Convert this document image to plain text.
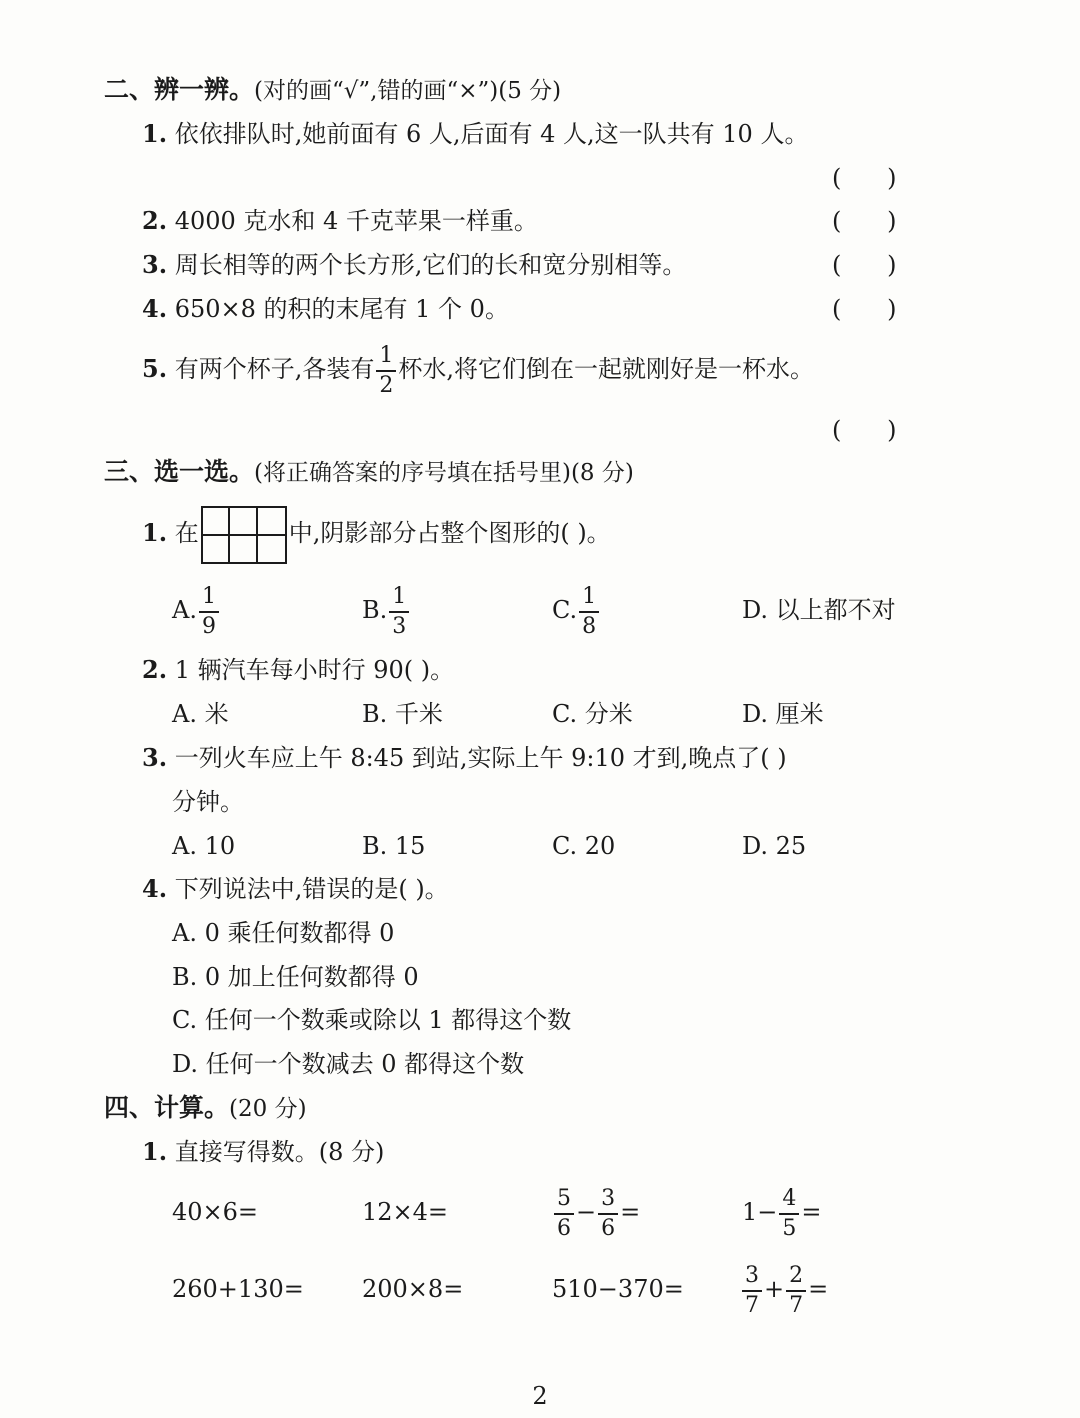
二、辨一辨。(对的画“√”,错的画“×”)(5 分)
1. 依依排队时,她前面有 6 人,后面有 4 人,这一队共有 10 人。
(      )
2. 4000 克水和 4 千克苹果一样重。	(      )
3. 周长相等的两个长方形,它们的长和宽分别相等。	(      )
4. 650×8 的积的末尾有 1 个 0。	(      )
5. 有两个杯子,各装有 $\frac{1}{2}$ 杯水,将它们倒在一起就刚好是一杯水。
(      )
三、选一选。(将正确答案的序号填在括号里)(8 分)
1. 在	中,阴影部分占整个图形的( )。
A. $\frac{1}{9}$	B. $\frac{1}{3}$	C. $\frac{1}{8}$	D. 以上都不对
2. 1 辆汽车每小时行 90( )。
A. 米	B. 千米	C. 分米	D. 厘米
3. 一列火车应上午 8:45 到站,实际上午 9:10 才到,晚点了( )
分钟。
A. 10	B. 15	C. 20	D. 25
4. 下列说法中,错误的是( )。
A. 0 乘任何数都得 0
B. 0 加上任何数都得 0
C. 任何一个数乘或除以 1 都得这个数
D. 任何一个数减去 0 都得这个数
四、计算。(20 分)
1. 直接写得数。(8 分)
40×6=	12×4=	$\frac{5}{6} - \frac{3}{6}$ =	$1- \frac{4}{5}$ =
260+130= 200×8=	510−370=	$\frac{3}{7} + \frac{2}{7}$ =
2
